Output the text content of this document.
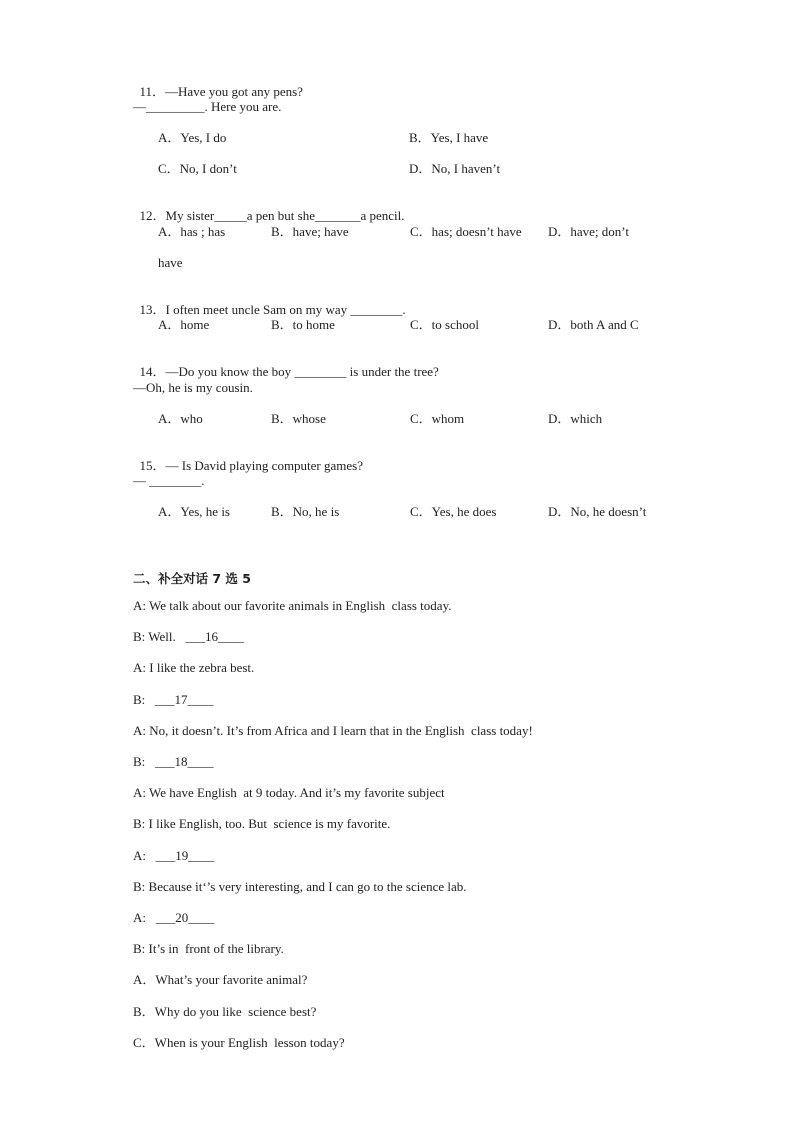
11．—Have you got any pens?

—_________. Here you are.
A．Yes, I do	B．Yes, I have
C．No, I don’t	D．No, I haven’t

12．My sister_____a pen but she_______a pencil.

A．has ; has	B．have; have	C．has; doesn’t have D．have; don’t
have

13．I often meet uncle Sam on my way ________.

A．home	B．to home	C．to school	D．both A and C

14．—Do you know the boy ________ is under the tree?

—Oh, he is my cousin.
A．who	B．whose	C．whom	D．which

15．— Is David playing computer games?

— ________.
A．Yes, he is	B．No, he is	C．Yes, he does	D．No, he doesn’t
二、补全对话 7 选 5
A: We talk about our favorite animals in English  class today.
B: Well.   ___16____
A: I like the zebra best.
B:   ___17____
A: No, it doesn’t. It’s from Africa and I learn that in the English  class today!
B:   ___18____
A: We have English  at 9 today. And it’s my favorite subject
B: I like English, too. But  science is my favorite.
A:   ___19____
B: Because it‘’s very interesting, and I can go to the science lab.
A:   ___20____
B: It’s in  front of the library.
A．What’s your favorite animal?
B．Why do you like  science best?
C．When is your English  lesson today?
